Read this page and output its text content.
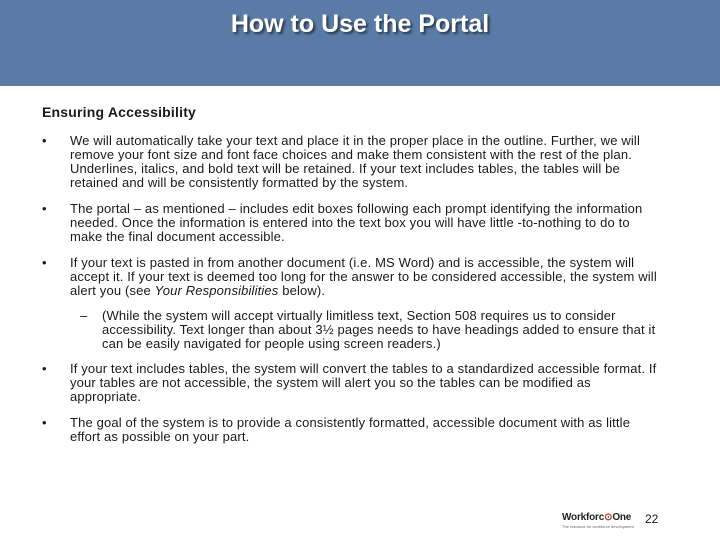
How to Use the Portal
Ensuring Accessibility
• We will automatically take your text and place it in the proper place in the outline. Further, we will remove your font size and font face choices and make them consistent with the rest of the plan. Underlines, italics, and bold text will be retained. If your text includes tables, the tables will be retained and will be consistently formatted by the system.
• The portal – as mentioned – includes edit boxes following each prompt identifying the information needed. Once the information is entered into the text box you will have little -to-nothing to do to make the final document accessible.
• If your text is pasted in from another document (i.e. MS Word) and is accessible, the system will accept it. If your text is deemed too long for the answer to be considered accessible, the system will alert you (see Your Responsibilities below).
– (While the system will accept virtually limitless text, Section 508 requires us to consider accessibility. Text longer than about 3½ pages needs to have headings added to ensure that it can be easily navigated for people using screen readers.)
• If your text includes tables, the system will convert the tables to a standardized accessible format. If your tables are not accessible, the system will alert you so the tables can be modified as appropriate.
• The goal of the system is to provide a consistently formatted, accessible document with as little effort as possible on your part.
Workforc⊙One
The resource for workforce development
22
